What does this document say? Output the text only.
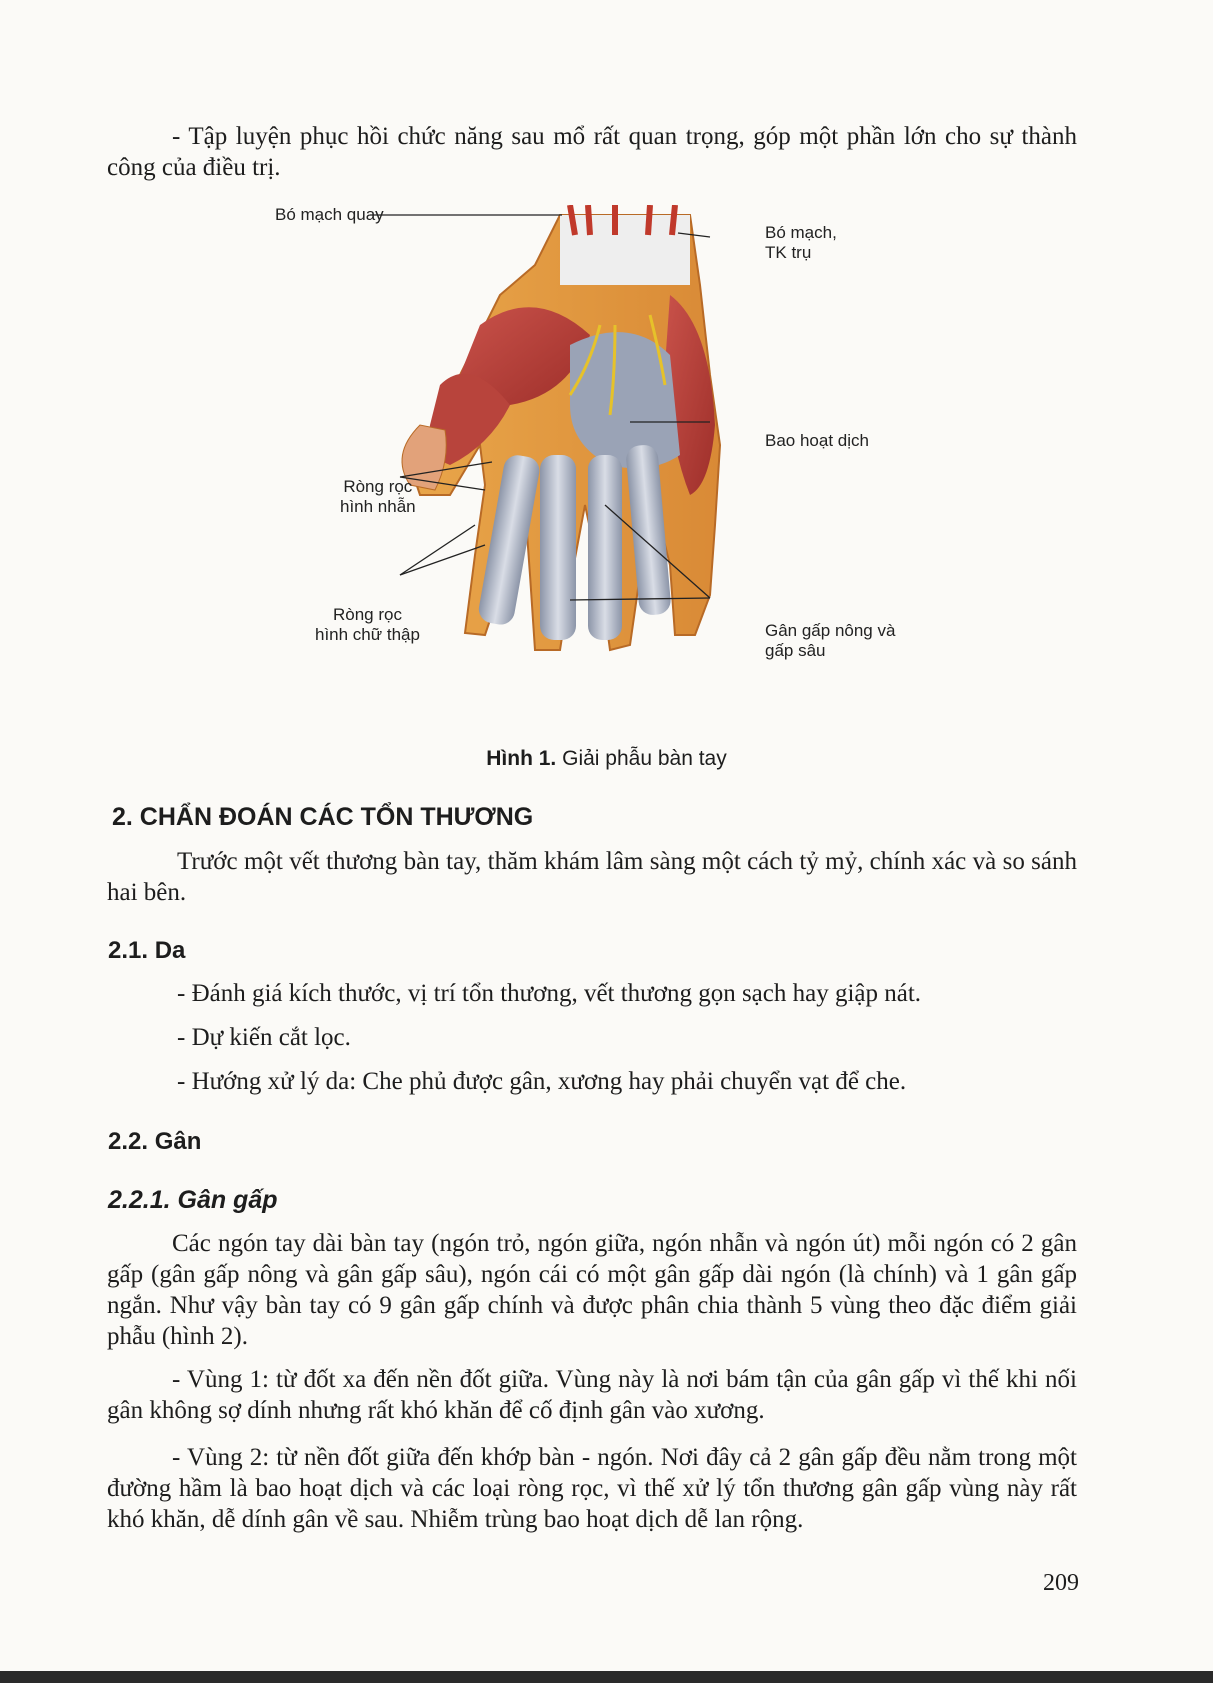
- Tập luyện phục hồi chức năng sau mổ rất quan trọng, góp một phần lớn cho sự thành công của điều trị.
Bó mạch quay
Bó mạch,
TK trụ
Bao hoạt dịch
Ròng rọc
hình nhẫn
Ròng rọc
hình chữ thập	Gân gấp nông và
gấp sâu
Hình 1. Giải phẫu bàn tay
2. CHẨN ĐOÁN CÁC TỔN THƯƠNG
Trước một vết thương bàn tay, thăm khám lâm sàng một cách tỷ mỷ, chính xác và so sánh hai bên.
2.1. Da
- Đánh giá kích thước, vị trí tổn thương, vết thương gọn sạch hay giập nát.
- Dự kiến cắt lọc.
- Hướng xử lý da: Che phủ được gân, xương hay phải chuyển vạt để che.
2.2. Gân
2.2.1. Gân gấp
Các ngón tay dài bàn tay (ngón trỏ, ngón giữa, ngón nhẫn và ngón út) mỗi ngón có 2 gân gấp (gân gấp nông và gân gấp sâu), ngón cái có một gân gấp dài ngón (là chính) và 1 gân gấp ngắn. Như vậy bàn tay có 9 gân gấp chính và được phân chia thành 5 vùng theo đặc điểm giải phẫu (hình 2).
- Vùng 1: từ đốt xa đến nền đốt giữa. Vùng này là nơi bám tận của gân gấp vì thế khi nối gân không sợ dính nhưng rất khó khăn để cố định gân vào xương.
- Vùng 2: từ nền đốt giữa đến khớp bàn - ngón. Nơi đây cả 2 gân gấp đều nằm trong một đường hầm là bao hoạt dịch và các loại ròng rọc, vì thế xử lý tổn thương gân gấp vùng này rất khó khăn, dễ dính gân về sau. Nhiễm trùng bao hoạt dịch dễ lan rộng.
209
